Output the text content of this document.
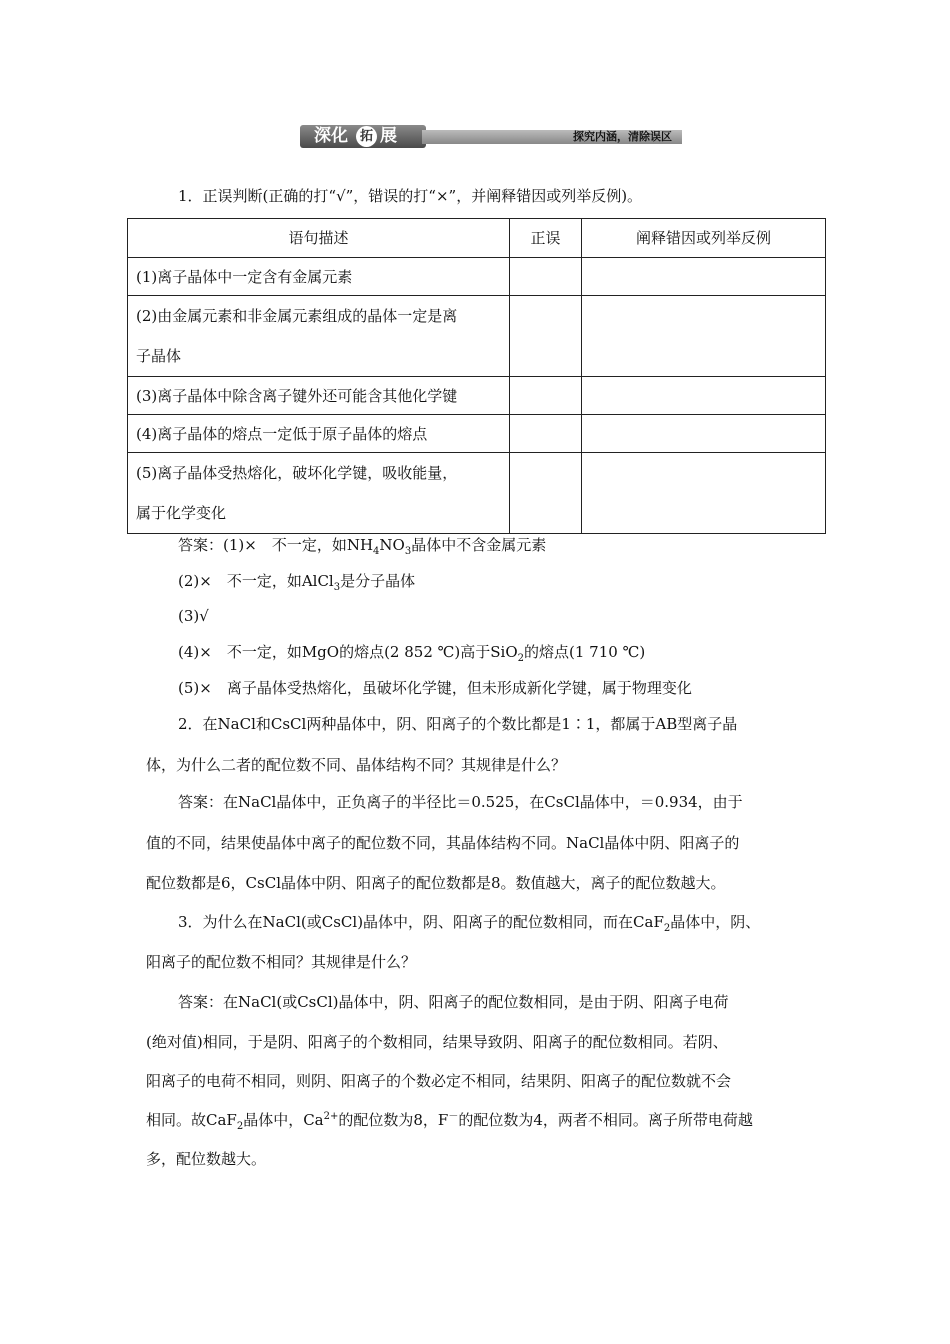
深化 拓 展	探究内涵，清除误区
1．正误判断(正确的打“√”，错误的打“×”，并阐释错因或列举反例)。
语句描述	正误	阐释错因或列举反例
(1)离子晶体中一定含有金属元素		
(2)由金属元素和非金属元素组成的晶体一定是离
子晶体		
(3)离子晶体中除含离子键外还可能含其他化学键		
(4)离子晶体的熔点一定低于原子晶体的熔点		
(5)离子晶体受热熔化，破坏化学键，吸收能量，
属于化学变化		
答案：(1)×　不一定，如$NH_4NO_3$晶体中不含金属元素
(2)×　不一定，如AlCl$_3$是分子晶体
(3)√
(4)×　不一定，如MgO的熔点(2 852 ℃)高于SiO$_2$的熔点(1 710 ℃)
(5)×　离子晶体受热熔化，虽破坏化学键，但未形成新化学键，属于物理变化
2．在NaCl和CsCl两种晶体中，阴、阳离子的个数比都是1∶1，都属于AB型离子晶
体，为什么二者的配位数不同、晶体结构不同？其规律是什么？
答案：在NaCl晶体中，正负离子的半径比＝0.525，在CsCl晶体中，＝0.934，由于
值的不同，结果使晶体中离子的配位数不同，其晶体结构不同。NaCl晶体中阴、阳离子的
配位数都是6，CsCl晶体中阴、阳离子的配位数都是8。数值越大，离子的配位数越大。
3．为什么在NaCl(或CsCl)晶体中，阴、阳离子的配位数相同，而在CaF$_2$晶体中，阴、
阳离子的配位数不相同？其规律是什么？
答案：在NaCl(或CsCl)晶体中，阴、阳离子的配位数相同，是由于阴、阳离子电荷
(绝对值)相同，于是阴、阳离子的个数相同，结果导致阴、阳离子的配位数相同。若阴、
阳离子的电荷不相同，则阴、阳离子的个数必定不相同，结果阴、阳离子的配位数就不会
相同。故CaF$_2$晶体中，$Ca^{2+}$的配位数为8，F－的配位数为4，两者不相同。离子所带电荷越
多，配位数越大。
